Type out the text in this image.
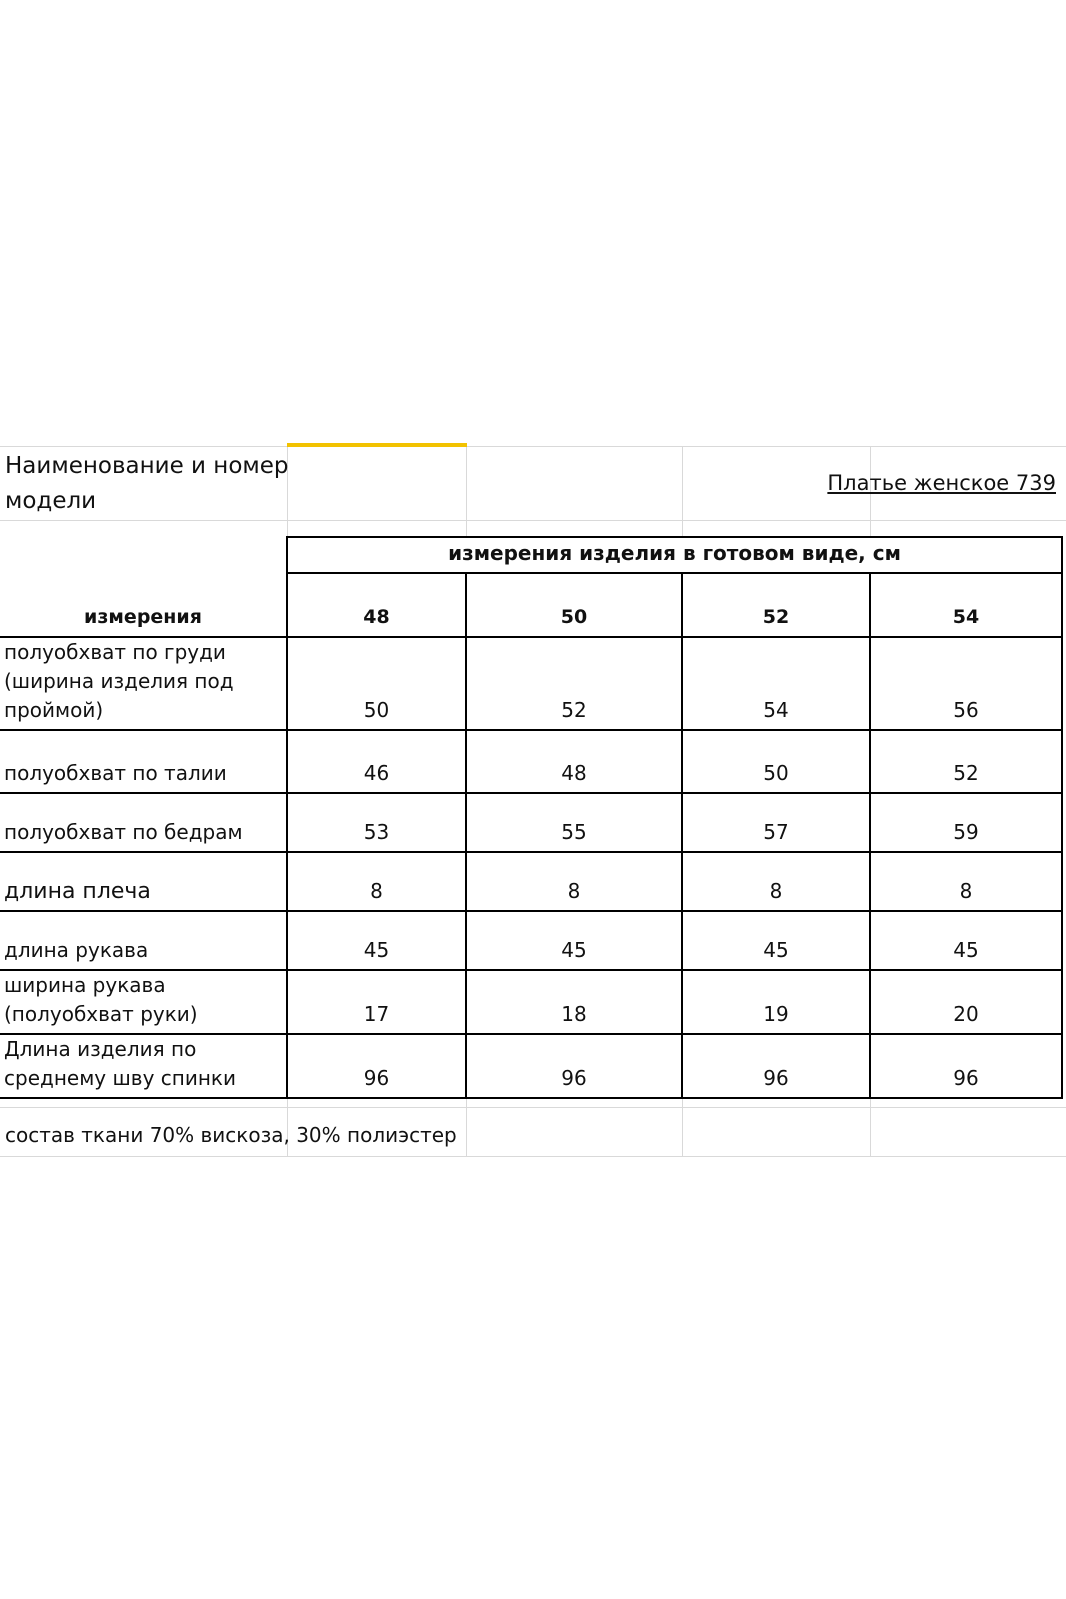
Наименование и номер
модели
Платье женское 739
	измерения изделия в готовом виде, см			
измерения	48	50	52	54

полуобхват по груди
(ширина изделия под
проймой)	50	52	54	56
полуобхват по талии	46	48	50	52
полуобхват по бедрам	53	55	57	59
длина плеча	8	8	8	8
длина рукава	45	45	45	45

ширина рукава
(полуобхват руки)	17	18	19	20

Длина изделия по
среднему шву спинки	96	96	96	96
состав ткани 70% вискоза, 30% полиэстер
